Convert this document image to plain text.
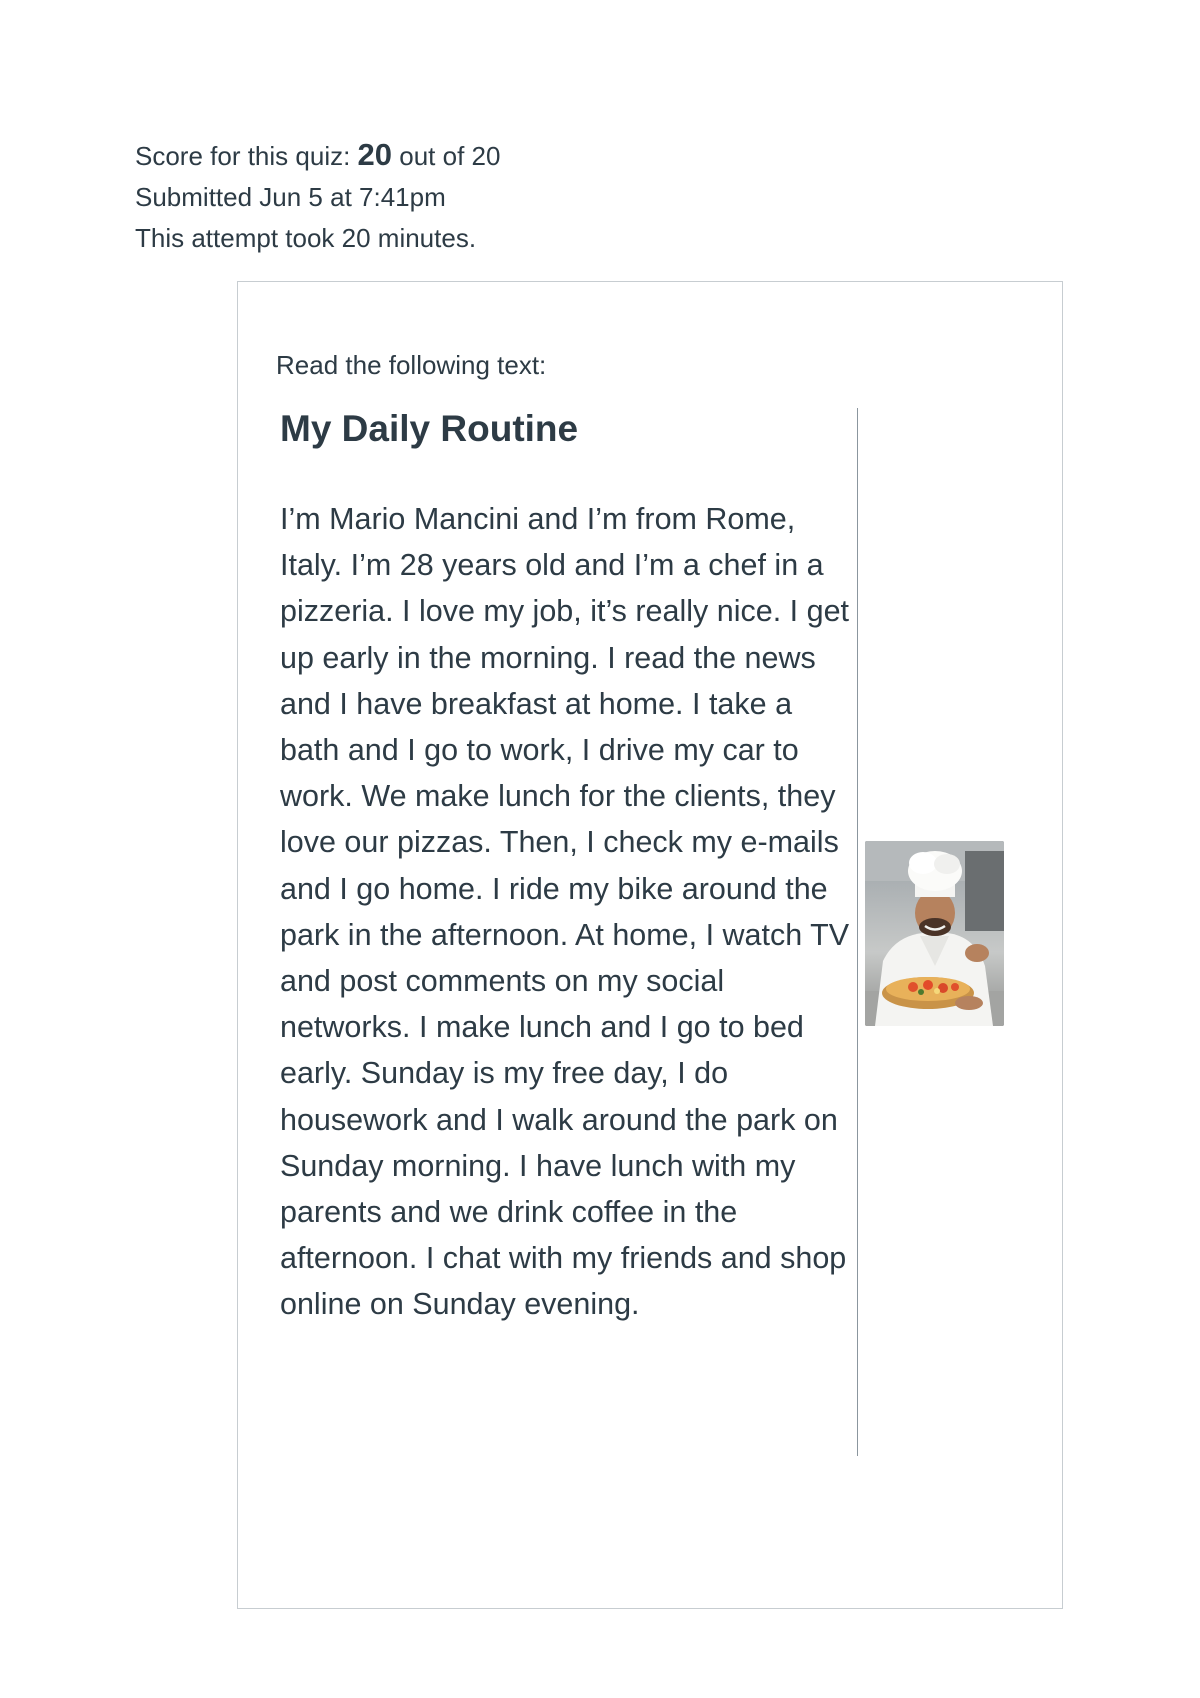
Score for this quiz: 20 out of 20
Submitted Jun 5 at 7:41pm
This attempt took 20 minutes.
Read the following text:
My Daily Routine

I’m Mario Mancini and I’m from Rome, Italy. I’m 28 years old and I’m a chef in a pizzeria. I love my job, it’s really nice. I get up early in the morning. I read the news and I have breakfast at home. I take a bath and I go to work, I drive my car to work. We make lunch for the clients, they love our pizzas. Then, I check my e-mails and I go home. I ride my bike around the park in the afternoon. At home, I watch TV and post comments on my social networks. I make lunch and I go to bed early. Sunday is my free day, I do housework and I walk around the park on Sunday morning. I have lunch with my parents and we drink coffee in the afternoon. I chat with my friends and shop online on Sunday evening.
